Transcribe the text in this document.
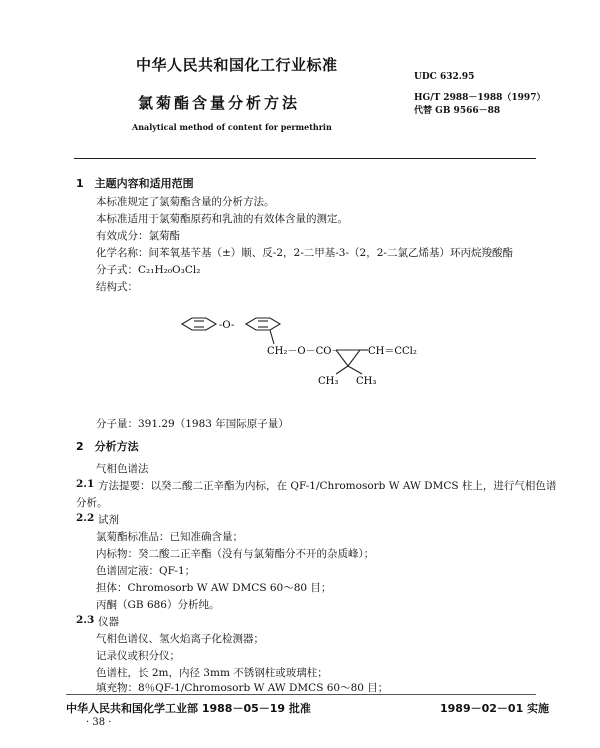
中华人民共和国化工行业标准
UDC 632.95
氯菊酯含量分析方法	HG/T 2988－1988（1997）
代替 GB 9566－88
Analytical method of content for permethrin
1　主题内容和适用范围
本标准规定了氯菊酯含量的分析方法。
本标准适用于氯菊酯原药和乳油的有效体含量的测定。
有效成分：氯菊酯
化学名称：间苯氧基苄基（±）顺、反-2，2-二甲基-3-（2，2-二氯乙烯基）环丙烷羧酸酯
分子式：C₂₁H₂₀O₃Cl₂
结构式：
-O-
CH₂－O－CO－	CH＝CCl₂
CH₃ CH₃
分子量：391.29（1983 年国际原子量）
2　分析方法
气相色谱法
2.1 方法提要：以癸二酸二正辛酯为内标，在 QF-1/Chromosorb W AW DMCS 柱上，进行气相色谱
分析。
2.2 试剂
氯菊酯标准品：已知准确含量；
内标物：癸二酸二正辛酯（没有与氯菊酯分不开的杂质峰）；
色谱固定液：QF-1；
担体：Chromosorb W AW DMCS 60～80 目；
丙酮（GB 686）分析纯。
2.3 仪器
气相色谱仪、氢火焰离子化检测器；
记录仪或积分仪；
色谱柱，长 2m，内径 3mm 不锈钢柱或玻璃柱；
填充物：8％QF-1/Chromosorb W AW DMCS 60～80 目；
中华人民共和国化学工业部 1988－05－19 批准	1989－02－01 实施
· 38 ·
